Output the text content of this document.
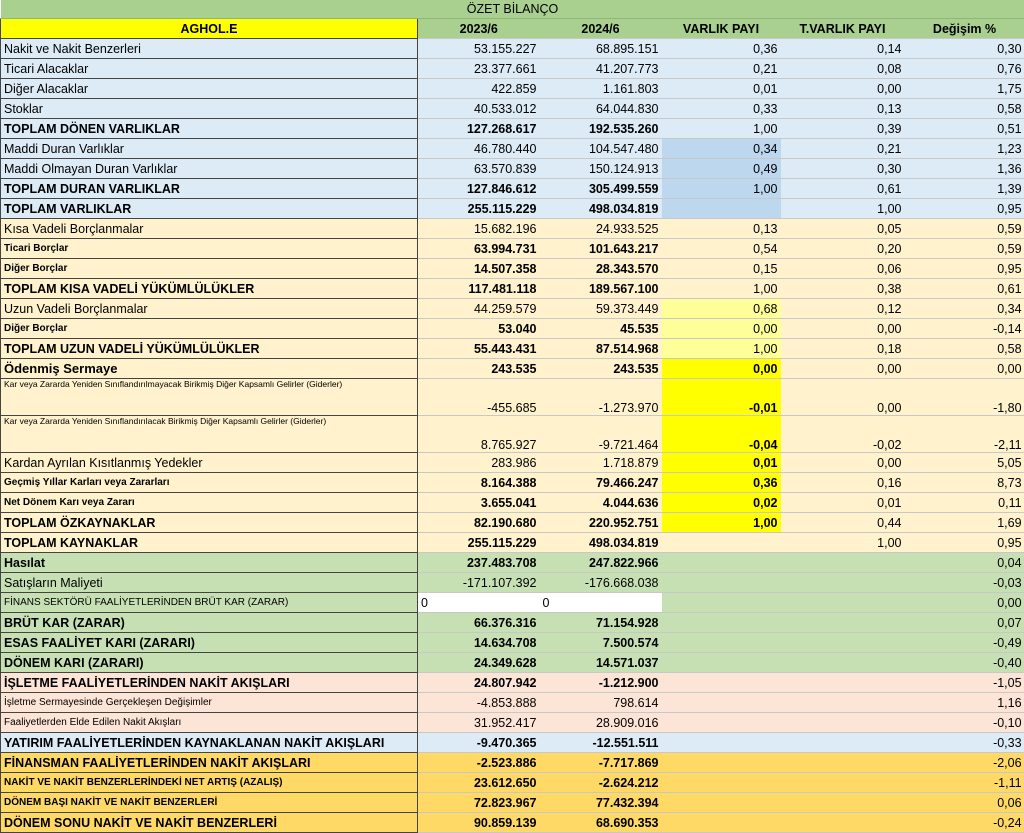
ÖZET BİLANÇO					
AGHOL.E	2023/6	2024/6	VARLIK PAYI	T.VARLIK PAYI	Değişim %
Nakit ve Nakit Benzerleri	53.155.227	68.895.151	0,36	0,14	0,30
Ticari Alacaklar	23.377.661	41.207.773	0,21	0,08	0,76
Diğer Alacaklar	422.859	1.161.803	0,01	0,00	1,75
Stoklar	40.533.012	64.044.830	0,33	0,13	0,58
TOPLAM DÖNEN VARLIKLAR	127.268.617	192.535.260	1,00	0,39	0,51
Maddi Duran Varlıklar	46.780.440	104.547.480	0,34	0,21	1,23
Maddi Olmayan Duran Varlıklar	63.570.839	150.124.913	0,49	0,30	1,36
TOPLAM DURAN VARLIKLAR	127.846.612	305.499.559	1,00	0,61	1,39
TOPLAM VARLIKLAR	255.115.229	498.034.819		1,00	0,95
Kısa Vadeli Borçlanmalar	15.682.196	24.933.525	0,13	0,05	0,59
Ticari Borçlar	63.994.731	101.643.217	0,54	0,20	0,59
Diğer Borçlar	14.507.358	28.343.570	0,15	0,06	0,95
TOPLAM KISA VADELİ YÜKÜMLÜLÜKLER	117.481.118	189.567.100	1,00	0,38	0,61
Uzun Vadeli Borçlanmalar	44.259.579	59.373.449	0,68	0,12	0,34
Diğer Borçlar	53.040	45.535	0,00	0,00	-0,14
TOPLAM UZUN VADELİ YÜKÜMLÜLÜKLER	55.443.431	87.514.968	1,00	0,18	0,58
Ödenmiş Sermaye	243.535	243.535	0,00	0,00	0,00
Kar veya Zararda Yeniden Sınıflandırılmayacak Birikmiş Diğer Kapsamlı Gelirler (Giderler)	-455.685	-1.273.970	-0,01	0,00	-1,80
Kar veya Zararda Yeniden Sınıflandırılacak Birikmiş Diğer Kapsamlı Gelirler (Giderler)	8.765.927	-9.721.464	-0,04	-0,02	-2,11
Kardan Ayrılan Kısıtlanmış Yedekler	283.986	1.718.879	0,01	0,00	5,05
Geçmiş Yıllar Karları veya Zararları	8.164.388	79.466.247	0,36	0,16	8,73
Net Dönem Karı veya Zararı	3.655.041	4.044.636	0,02	0,01	0,11
TOPLAM ÖZKAYNAKLAR	82.190.680	220.952.751	1,00	0,44	1,69
TOPLAM KAYNAKLAR	255.115.229	498.034.819		1,00	0,95
Hasılat	237.483.708	247.822.966			0,04
Satışların Maliyeti	-171.107.392	-176.668.038			-0,03
FİNANS SEKTÖRÜ FAALİYETLERİNDEN BRÜT KAR (ZARAR)	0	0			0,00
BRÜT KAR (ZARAR)	66.376.316	71.154.928			0,07
ESAS FAALİYET KARI (ZARARI)	14.634.708	7.500.574			-0,49
DÖNEM KARI (ZARARI)	24.349.628	14.571.037			-0,40
İŞLETME FAALİYETLERİNDEN NAKİT AKIŞLARI	24.807.942	-1.212.900			-1,05
İşletme Sermayesinde Gerçekleşen Değişimler	-4.853.888	798.614			1,16
Faaliyetlerden Elde Edilen Nakit Akışları	31.952.417	28.909.016			-0,10
YATIRIM FAALİYETLERİNDEN KAYNAKLANAN NAKİT AKIŞLARI	-9.470.365	-12.551.511			-0,33
FİNANSMAN FAALİYETLERİNDEN NAKİT AKIŞLARI	-2.523.886	-7.717.869			-2,06
NAKİT VE NAKİT BENZERLERİNDEKİ NET ARTIŞ (AZALIŞ)	23.612.650	-2.624.212			-1,11
DÖNEM BAŞI NAKİT VE NAKİT BENZERLERİ	72.823.967	77.432.394			0,06
DÖNEM SONU NAKİT VE NAKİT BENZERLERİ	90.859.139	68.690.353			-0,24
